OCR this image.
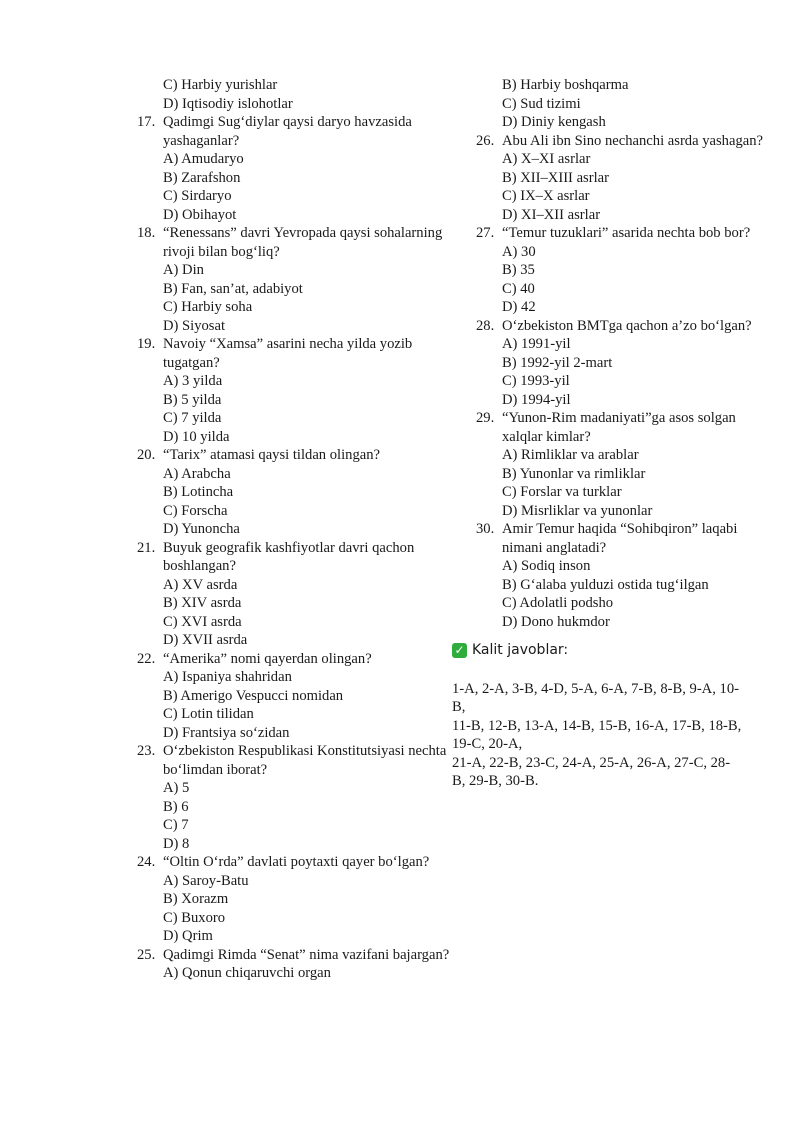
C) Harbiy yurishlar
D) Iqtisodiy islohotlar
17. Qadimgi Sug‘diylar qaysi daryo havzasida yashaganlar?
A) Amudaryo
B) Zarafshon
C) Sirdaryo
D) Obihayot
18. “Renessans” davri Yevropada qaysi sohalarning rivoji bilan bog‘liq?
A) Din
B) Fan, san’at, adabiyot
C) Harbiy soha
D) Siyosat
19. Navoiy “Xamsa” asarini necha yilda yozib tugatgan?
A) 3 yilda
B) 5 yilda
C) 7 yilda
D) 10 yilda
20. “Tarix” atamasi qaysi tildan olingan?
A) Arabcha
B) Lotincha
C) Forscha
D) Yunoncha
21. Buyuk geografik kashfiyotlar davri qachon boshlangan?
A) XV asrda
B) XIV asrda
C) XVI asrda
D) XVII asrda
22. “Amerika” nomi qayerdan olingan?
A) Ispaniya shahridan
B) Amerigo Vespucci nomidan
C) Lotin tilidan
D) Frantsiya so‘zidan
23. O‘zbekiston Respublikasi Konstitutsiyasi nechta bo‘limdan iborat?
A) 5
B) 6
C) 7
D) 8
24. “Oltin O‘rda” davlati poytaxti qayer bo‘lgan?
A) Saroy-Batu
B) Xorazm
C) Buxoro
D) Qrim
25. Qadimgi Rimda “Senat” nima vazifani bajargan?
A) Qonun chiqaruvchi organ
B) Harbiy boshqarma
C) Sud tizimi
D) Diniy kengash
26. Abu Ali ibn Sino nechanchi asrda yashagan?
A) X–XI asrlar
B) XII–XIII asrlar
C) IX–X asrlar
D) XI–XII asrlar
27. “Temur tuzuklari” asarida nechta bob bor?
A) 30
B) 35
C) 40
D) 42
28. O‘zbekiston BMTga qachon a’zo bo‘lgan?
A) 1991-yil
B) 1992-yil 2-mart
C) 1993-yil
D) 1994-yil
29. “Yunon-Rim madaniyati”ga asos solgan xalqlar kimlar?
A) Rimliklar va arablar
B) Yunonlar va rimliklar
C) Forslar va turklar
D) Misrliklar va yunonlar
30. Amir Temur haqida “Sohibqiron” laqabi nimani anglatadi?
A) Sodiq inson
B) G‘alaba yulduzi ostida tug‘ilgan
C) Adolatli podsho
D) Dono hukmdor
✓ Kalit javoblar:
1-A, 2-A, 3-B, 4-D, 5-A, 6-A, 7-B, 8-B, 9-A, 10-B,
11-B, 12-B, 13-A, 14-B, 15-B, 16-A, 17-B, 18-B, 19-C, 20-A,
21-A, 22-B, 23-C, 24-A, 25-A, 26-A, 27-C, 28-B, 29-B, 30-B.
